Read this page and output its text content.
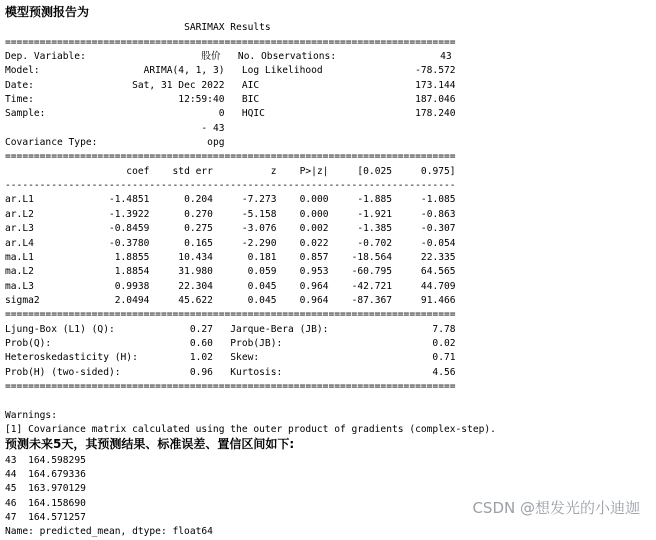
模型预测报告为
SARIMAX Results
==============================================================================
Dep. Variable:                    股价 No. Observations:                  43
Model:                  ARIMA(4, 1, 3) Log Likelihood                -78.572
Date:                 Sat, 31 Dec 2022 AIC                           173.144
Time:                         12:59:40 BIC                           187.046
Sample:                              0 HQIC                          178.240
- 43
Covariance Type:                   opg
==============================================================================
coef    std err          z    P>|z|     [0.025     0.975]
------------------------------------------------------------------------------
ar.L1             -1.4851      0.204     -7.273    0.000     -1.885     -1.085
ar.L2             -1.3922      0.270     -5.158    0.000     -1.921     -0.863
ar.L3             -0.8459      0.275     -3.076    0.002     -1.385     -0.307
ar.L4             -0.3780      0.165     -2.290    0.022     -0.702     -0.054
ma.L1              1.8855     10.434      0.181    0.857    -18.564     22.335
ma.L2              1.8854     31.980      0.059    0.953    -60.795     64.565
ma.L3              0.9938     22.304      0.045    0.964    -42.721     44.709
sigma2             2.0494     45.622      0.045    0.964    -87.367     91.466
==============================================================================
Ljung-Box (L1) (Q):             0.27 Jarque-Bera (JB):                  7.78
Prob(Q):                        0.60 Prob(JB):                          0.02
Heteroskedasticity (H):         1.02 Skew:                              0.71
Prob(H) (two-sided):            0.96 Kurtosis:                          4.56
==============================================================================

Warnings:
[1] Covariance matrix calculated using the outer product of gradients (complex-step).
预测未来5天，其预测结果、标准误差、置信区间如下:
43  164.598295
44  164.679336
45  163.970129
46  164.158690
47  164.571257
Name: predicted_mean, dtype: float64
CSDN @想发光的小迪迦
